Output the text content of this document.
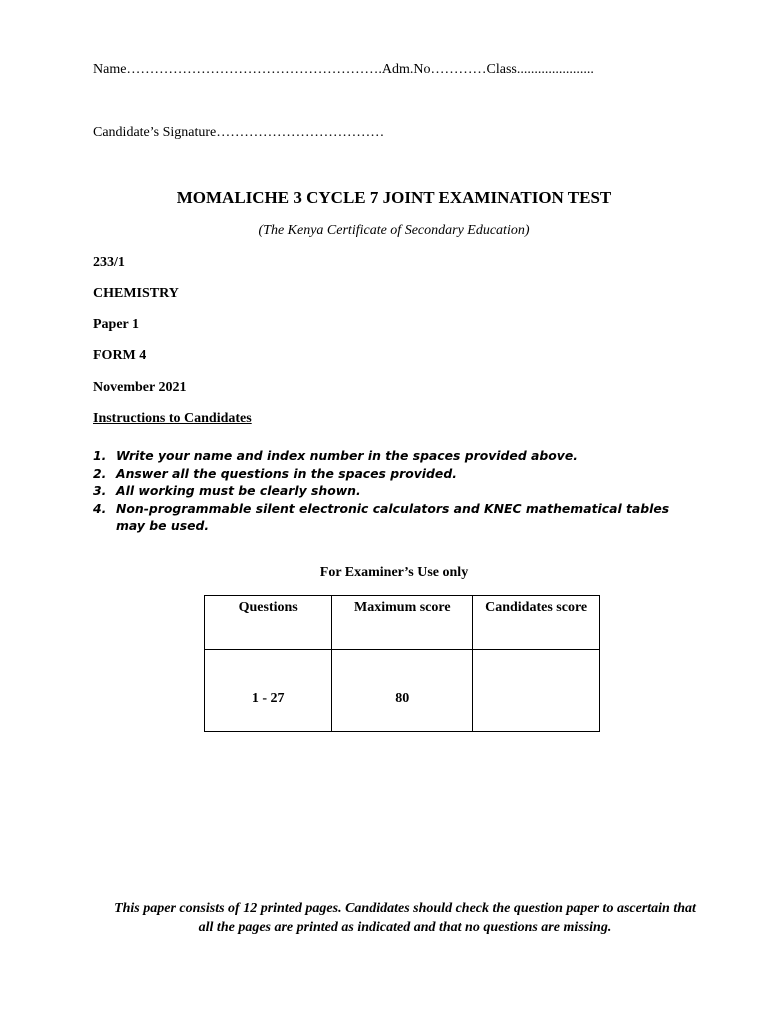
Name……………………………………………….Adm.No…………Class......................
Candidate’s Signature………………………………
MOMALICHE 3 CYCLE 7 JOINT EXAMINATION TEST
(The Kenya Certificate of Secondary Education)
233/1
CHEMISTRY
Paper 1
FORM 4
November 2021
Instructions to Candidates
1. Write your name and index number in the spaces provided above.
2. Answer all the questions in the spaces provided.
3. All working must be clearly shown.
4. Non-programmable silent electronic calculators and KNEC mathematical tables may be used.
For Examiner’s Use only
Questions	Maximum score	Candidates score
1 - 27	80	
This paper consists of 12 printed pages. Candidates should check the question paper to ascertain that all the pages are printed as indicated and that no questions are missing.
